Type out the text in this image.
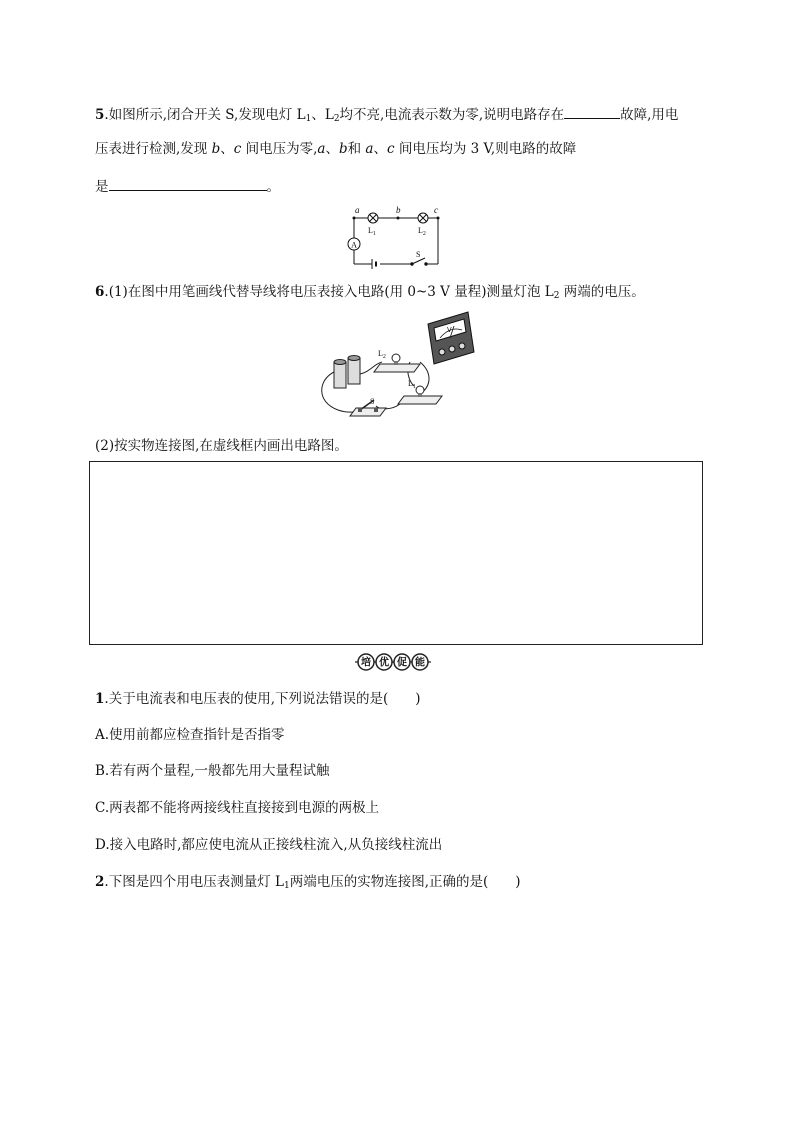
5.如图所示,闭合开关 S,发现电灯 $L_1$、$L_2$均不亮,电流表示数为零,说明电路存在	故障,用电
压表进行检测,发现 b、c 间电压为零,a、b和 a、c 间电压均为 3 V,则电路的故障
是	。
A
a	b	c
$L_1$	$L_2$
S
6.(1)在图中用笔画线代替导线将电压表接入电路(用 0~3 V 量程)测量灯泡 $L_2$ 两端的电压。
V
$L_2$
$L_1$
S
(2)按实物连接图,在虚线框内画出电路图。
培 优 促 能
1.关于电流表和电压表的使用,下列说法错误的是(　　)
A.使用前都应检查指针是否指零
B.若有两个量程,一般都先用大量程试触
C.两表都不能将两接线柱直接接到电源的两极上
D.接入电路时,都应使电流从正接线柱流入,从负接线柱流出
2.下图是四个用电压表测量灯 $L_1$两端电压的实物连接图,正确的是(　　)
